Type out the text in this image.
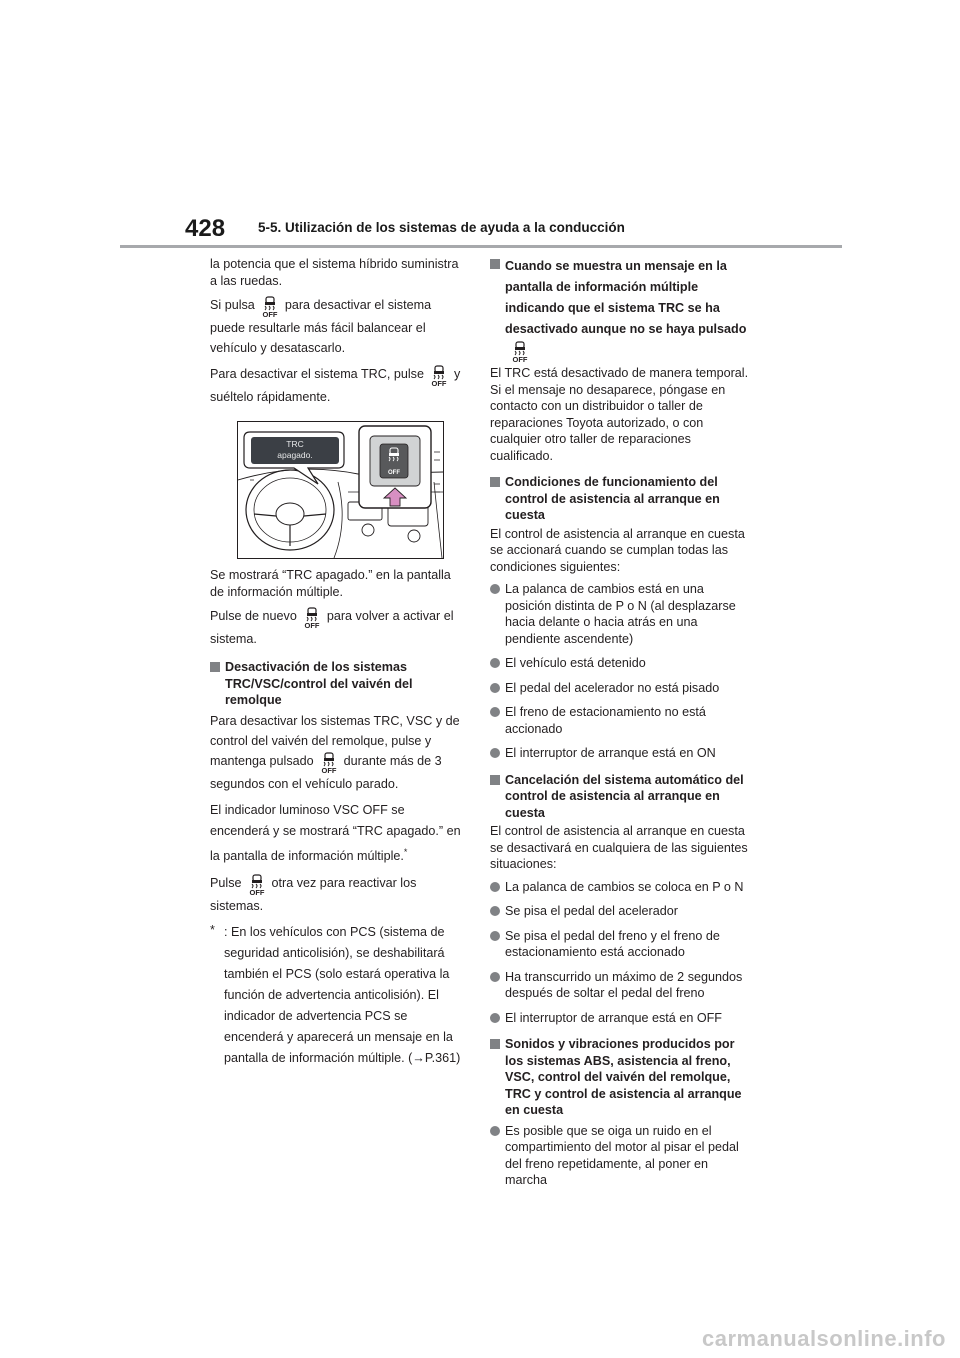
428 5-5. Utilización de los sistemas de ayuda a la conducción

la potencia que el sistema híbrido suministra a las ruedas.

Si pulsa para desactivar el sistema puede resultarle más fácil balancear el vehículo y desatascarlo.

Para desactivar el sistema TRC, pulse y suéltelo rápidamente.

TRC
apagado.
OFF

Se mostrará “TRC apagado.” en la pantalla de información múltiple.

Pulse de nuevo para volver a activar el sistema.

Desactivación de los sistemas TRC/VSC/control del vaivén del remolque

Para desactivar los sistemas TRC, VSC y de control del vaivén del remolque, pulse y mantenga pulsado durante más de 3 segundos con el vehículo parado.

El indicador luminoso VSC OFF se encenderá y se mostrará “TRC apagado.” en la pantalla de información múltiple.*

Pulse otra vez para reactivar los sistemas.

* : En los vehículos con PCS (sistema de seguridad anticolisión), se deshabilitará también el PCS (solo estará operativa la función de advertencia anticolisión). El indicador de advertencia PCS se encenderá y aparecerá un mensaje en la pantalla de información múltiple. (→P.361)
Cuando se muestra un mensaje en la pantalla de información múltiple indicando que el sistema TRC se ha desactivado aunque no se haya pulsado

El TRC está desactivado de manera temporal. Si el mensaje no desaparece, póngase en contacto con un distribuidor o taller de reparaciones Toyota autorizado, o con cualquier otro taller de reparaciones cualificado.

Condiciones de funcionamiento del control de asistencia al arranque en cuesta

El control de asistencia al arranque en cuesta se accionará cuando se cumplan todas las condiciones siguientes:

La palanca de cambios está en una posición distinta de P o N (al desplazarse hacia delante o hacia atrás en una pendiente ascendente)
El vehículo está detenido
El pedal del acelerador no está pisado
El freno de estacionamiento no está accionado
El interruptor de arranque está en ON
Cancelación del sistema automático del control de asistencia al arranque en cuesta

El control de asistencia al arranque en cuesta se desactivará en cualquiera de las siguientes situaciones:

La palanca de cambios se coloca en P o N
Se pisa el pedal del acelerador
Se pisa el pedal del freno y el freno de estacionamiento está accionado
Ha transcurrido un máximo de 2 segundos después de soltar el pedal del freno
El interruptor de arranque está en OFF
Sonidos y vibraciones producidos por los sistemas ABS, asistencia al freno, VSC, control del vaivén del remolque, TRC y control de asistencia al arranque en cuesta
Es posible que se oiga un ruido en el compartimiento del motor al pisar el pedal del freno repetidamente, al poner en marcha
carmanualsonline.info
